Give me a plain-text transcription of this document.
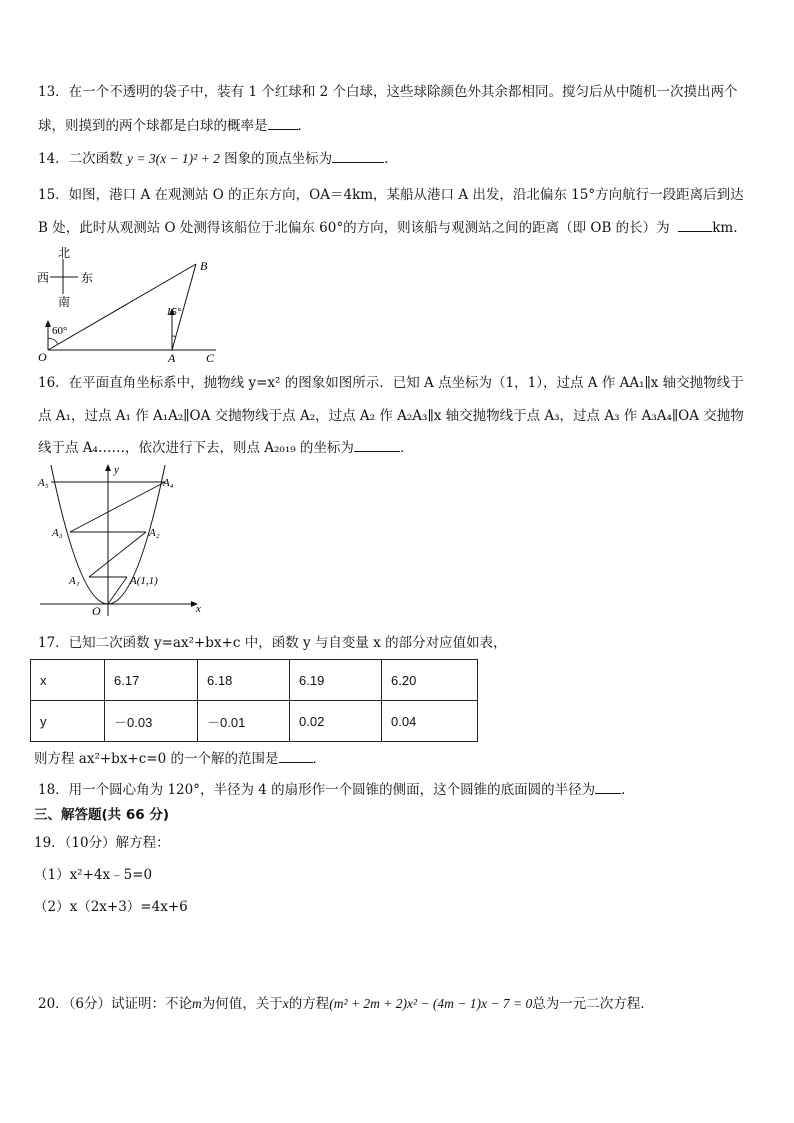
13．在一个不透明的袋子中，装有 1 个红球和 2 个白球，这些球除颜色外其余都相同。搅匀后从中随机一次摸出两个
球，则摸到的两个球都是白球的概率是 ．
14．二次函数 y = 3(x − 1)² + 2 图象的顶点坐标为	．
15．如图，港口 A 在观测站 O 的正东方向，OA＝4km，某船从港口 A 出发，沿北偏东 15°方向航行一段距离后到达
B 处，此时从观测站 O 处测得该船位于北偏东 60°的方向，则该船与观测站之间的距离（即 OB 的长）为	km.
北
南
西	东
60°
15°
O	A
B
C
16．在平面直角坐标系中，抛物线 y=x² 的图象如图所示．已知 A 点坐标为（1，1），过点 A 作 AA₁∥x 轴交抛物线于
点 A₁，过点 A₁ 作 A₁A₂∥OA 交抛物线于点 A₂，过点 A₂ 作 A₂A₃∥x 轴交抛物线于点 A₃，过点 A₃ 作 A₃A₄∥OA 交抛物
线于点 A₄……，依次进行下去，则点 A₂₀₁₉ 的坐标为	．
x
y
O
A₅	A₄
A₃	A₂
A₁	A(1,1)
17．已知二次函数 y=ax²+bx+c 中，函数 y 与自变量 x 的部分对应值如表，
x	6.17	6.18	6.19	6.20
y	－0.03	－0.01	0.02	0.04
则方程 ax²+bx+c=0 的一个解的范围是	．
18．用一个圆心角为 120°，半径为 4 的扇形作一个圆锥的侧面，这个圆锥的底面圆的半径为 ．
三、解答题(共 66 分)
19．（10分）解方程：
（1）x²+4x﹣5=0
（2）x（2x+3）=4x+6
20．（6分）试证明：不论m为何值，关于x的方程(m² + 2m + 2)x² − (4m − 1)x − 7 = 0总为一元二次方程.
